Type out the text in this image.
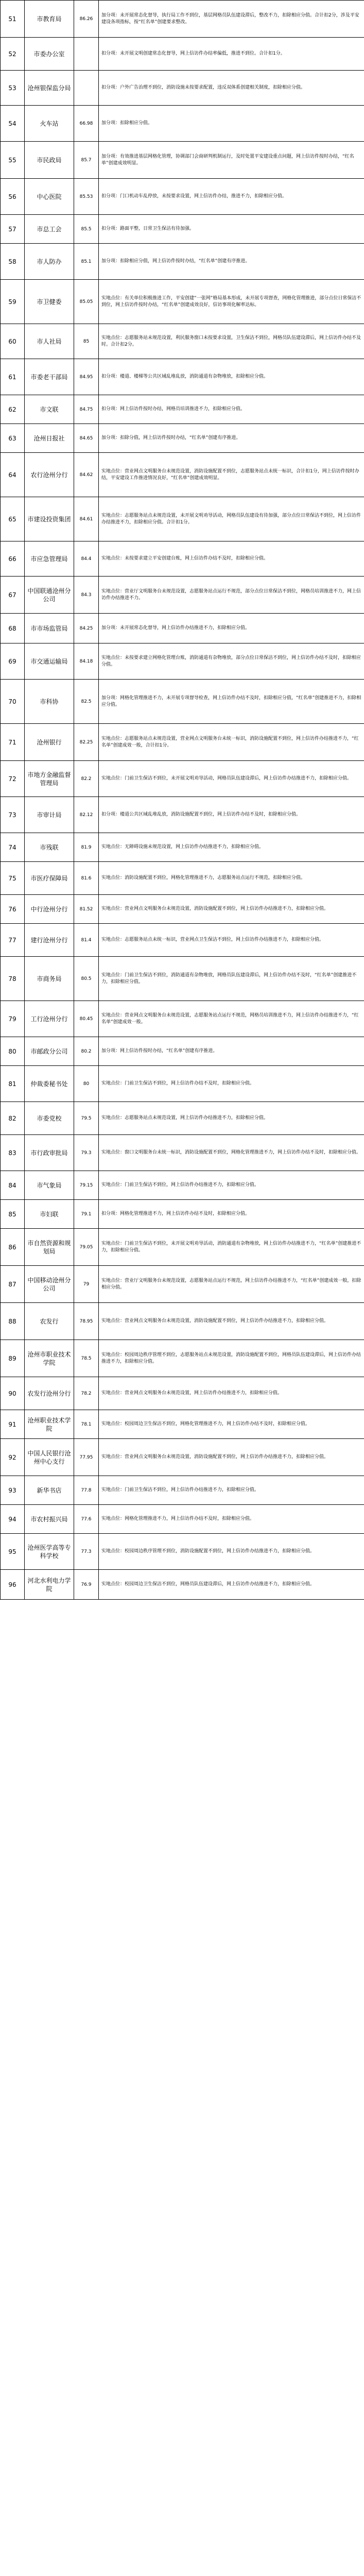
51	市教育局	86.26	加分项：未开展常态化督导，执行局工作不到位，基层网格员队伍建设滞后，整改不力，扣除相应分值。合计扣2分，涉及平安建设各项指标，按“红名单”创建要求整改。
52	市委办公室		扣分项：未开展文明创建常态化督导，网上信访件办结率偏低，推进不到位。合计扣1分。
53	沧州银保监分局		扣分项：户外广告治理不到位，消防设施未按要求配置，违反双体系创建相关制度，扣除相应分值。
54	火车站	66.98	加分项：扣除相应分值。
55	市民政局	85.7	加分项：有效推进基层网格化管理，协调部门会商研判机制运行，及时处置平安建设重点问题，网上信访件按时办结，“红名单”创建成效明显。
56	中心医院	85.53	扣分项：门口机动车乱停放，未按要求设置，网上信访件办结，推进不力，扣除相应分值。
57	市总工会	85.5	扣分项：路面平整，日常卫生保洁有待加强。
58	市人防办	85.1	加分项：扣除相应分值，网上信访件按时办结，“红名单”创建有序推进。
59	市卫健委	85.05	实地点位：有关单位积极推进工作，平安创建“一张网”格局基本形成，未开展专项督查，网格化管理推进，部分点位日常保洁不到位，网上信访件按时办结，“红名单”创建成效良好，信访事项化解率达标。
60	市人社局	85	实地点位：志愿服务站未规范设置，利民服务窗口未按要求设置，卫生保洁不到位，网格员队伍建设滞后，网上信访件办结不及时。合计扣2分。
61	市委老干部局	84.95	扣分项：楼道、楼梯等公共区域乱堆乱放，消防通道有杂物堆放，扣除相应分值。
62	市文联	84.75	扣分项：网上信访件按时办结，网格员培训推进不力，扣除相应分值。
63	沧州日报社	84.65	加分项：扣除分值，网上信访件按时办结，“红名单”创建有序推进。
64	农行沧州分行	84.62	实地点位：营业网点文明服务台未规范设置，消防设施配置不到位，志愿服务站点未统一标识，合计扣1分，网上信访件按时办结，平安建设工作推进情况良好，“红名单”创建成效明显。
65	市建设投资集团	84.61	实地点位：志愿服务站点未规范设置，未开展文明劝导活动，网格员队伍建设有待加强，部分点位日常保洁不到位，网上信访件办结推进不力，扣除相应分值。合计扣1分。
66	市应急管理局	84.4	实地点位：未按要求建立平安创建台账，网上信访件办结不及时，扣除相应分值。
67	中国联通沧州分公司	84.3	实地点位：营业厅文明服务台未规范设置，志愿服务站点运行不规范，部分点位日常保洁不到位，网格员培训推进不力，网上信访件办结推进不力。
68	市市场监管局	84.25	加分项：未开展常态化督导，网上信访件办结推进不力，扣除相应分值。
69	市交通运输局	84.18	实地点位：未按要求建立网格化管理台账，消防通道有杂物堆放，部分点位日常保洁不到位，网上信访件办结不及时，扣除相应分值。
70	市科协	82.5	加分项：网格化管理推进不力，未开展专项督导检查，网上信访件办结不及时，扣除相应分值，“红名单”创建推进不力，扣除相应分值。
71	沧州银行	82.25	实地点位：志愿服务站点未规范设置，营业网点文明服务台未统一标识，消防设施配置不到位，网上信访件办结推进不力，“红名单”创建成效一般，合计扣1分。
72	市地方金融监督管理局	82.2	实地点位：门前卫生保洁不到位，未开展文明劝导活动，网格员队伍建设滞后，网上信访件办结推进不力，扣除相应分值。
73	市审计局	82.12	扣分项：楼道公共区域乱堆乱放，消防设施配置不到位，网上信访件办结不及时，扣除相应分值。
74	市残联	81.9	实地点位：无障碍设施未规范设置，网上信访件办结推进不力，扣除相应分值。
75	市医疗保障局	81.6	实地点位：消防设施配置不到位，网格化管理推进不力，志愿服务站点运行不规范，扣除相应分值。
76	中行沧州分行	81.52	实地点位：营业网点文明服务台未规范设置，消防设施配置不到位，网上信访件办结推进不力，扣除相应分值。
77	建行沧州分行	81.4	实地点位：志愿服务站点未统一标识，营业网点卫生保洁不到位，网上信访件办结推进不力，扣除相应分值。
78	市商务局	80.5	实地点位：门前卫生保洁不到位，消防通道有杂物堆放，网格员队伍建设滞后，网上信访件办结不及时，“红名单”创建推进不力，扣除相应分值。
79	工行沧州分行	80.45	实地点位：营业网点文明服务台未规范设置，志愿服务站点运行不规范，网格员培训推进不力，网上信访件办结推进不力，“红名单”创建成效一般。
80	市邮政分公司	80.2	加分项：网上信访件按时办结，“红名单”创建有序推进。
81	仲裁委秘书处	80	实地点位：门前卫生保洁不到位，网上信访件办结不及时，扣除相应分值。
82	市委党校	79.5	实地点位：志愿服务站点未规范设置，网上信访件办结推进不力，扣除相应分值。
83	市行政审批局	79.3	实地点位：窗口文明服务台未统一标识，消防设施配置不到位，网格化管理推进不力，网上信访件办结不及时，扣除相应分值。
84	市气象局	79.15	实地点位：门前卫生保洁不到位，网上信访件办结推进不力，扣除相应分值。
85	市妇联	79.1	扣分项：网格化管理推进不力，网上信访件办结不及时，扣除相应分值。
86	市自然资源和规划局	79.05	实地点位：门前卫生保洁不到位，未开展文明劝导活动，消防通道有杂物堆放，网上信访件办结推进不力，“红名单”创建推进不力，扣除相应分值。
87	中国移动沧州分公司	79	实地点位：营业厅文明服务台未规范设置，志愿服务站点运行不规范，网上信访件办结推进不力，“红名单”创建成效一般，扣除相应分值。
88	农发行	78.95	实地点位：营业网点文明服务台未规范设置，消防设施配置不到位，网上信访件办结推进不力，扣除相应分值。
89	沧州市职业技术学院	78.5	实地点位：校园周边秩序管理不到位，志愿服务站点未规范设置，消防设施配置不到位，网格员队伍建设滞后，网上信访件办结推进不力，扣除相应分值。
90	农发行沧州分行	78.2	实地点位：营业网点文明服务台未规范设置，网上信访件办结推进不力，扣除相应分值。
91	沧州职业技术学院	78.1	实地点位：校园周边卫生保洁不到位，网格化管理推进不力，网上信访件办结不及时，扣除相应分值。
92	中国人民银行沧州中心支行	77.95	实地点位：营业网点文明服务台未规范设置，消防设施配置不到位，网上信访件办结推进不力，扣除相应分值。
93	新华书店	77.8	实地点位：门前卫生保洁不到位，网上信访件办结推进不力，扣除相应分值。
94	市农村振兴局	77.6	实地点位：网格化管理推进不力，网上信访件办结不及时，扣除相应分值。
95	沧州医学高等专科学校	77.3	实地点位：校园周边秩序管理不到位，消防设施配置不到位，网上信访件办结推进不力，扣除相应分值。
96	河北水利电力学院	76.9	实地点位：校园周边卫生保洁不到位，网格员队伍建设滞后，网上信访件办结推进不力，扣除相应分值。
